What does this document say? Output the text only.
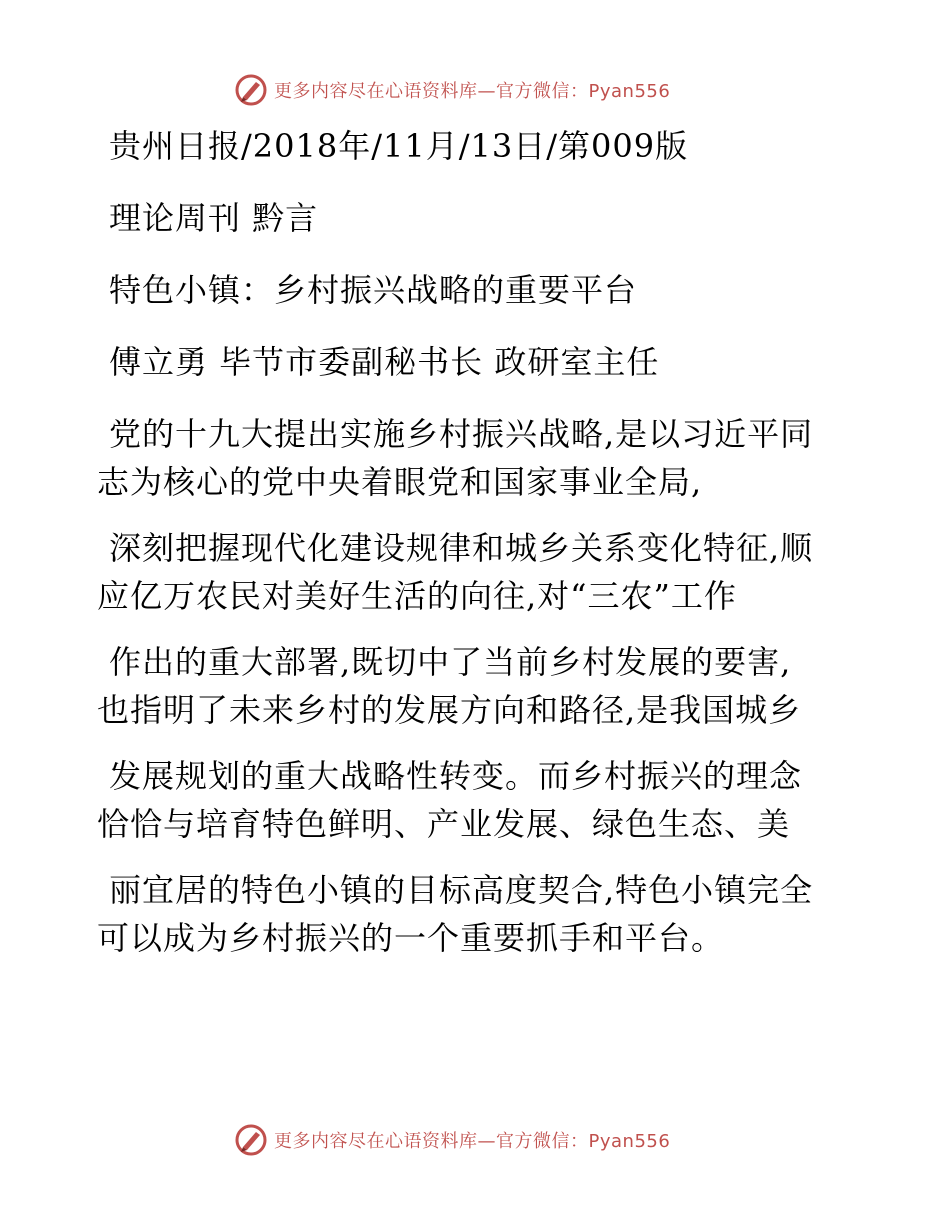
更多内容尽在心语资料库—官方微信：Pyan556
贵州日报/2018年/11月/13日/第009版
理论周刊 黔言
特色小镇：乡村振兴战略的重要平台
傅立勇 毕节市委副秘书长 政研室主任
党的十九大提出实施乡村振兴战略,是以习近平同
志为核心的党中央着眼党和国家事业全局,
深刻把握现代化建设规律和城乡关系变化特征,顺
应亿万农民对美好生活的向往,对“三农”工作
作出的重大部署,既切中了当前乡村发展的要害,
也指明了未来乡村的发展方向和路径,是我国城乡
发展规划的重大战略性转变。而乡村振兴的理念
恰恰与培育特色鲜明、产业发展、绿色生态、美
丽宜居的特色小镇的目标高度契合,特色小镇完全
可以成为乡村振兴的一个重要抓手和平台。
更多内容尽在心语资料库—官方微信：Pyan556
